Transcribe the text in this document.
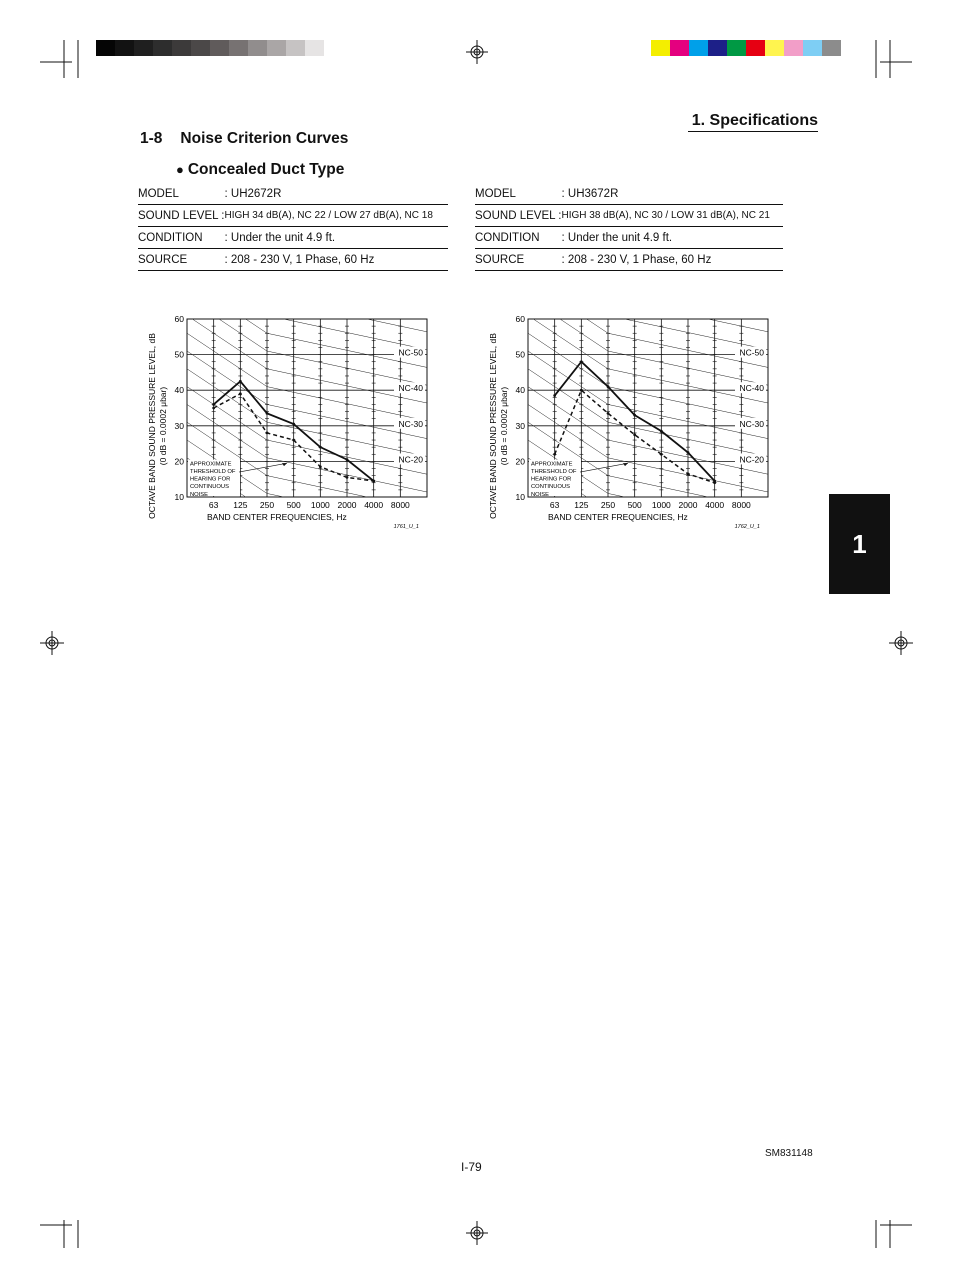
1. Specifications
1-8 Noise Criterion Curves
● Concealed Duct Type
MODEL	: UH2672R
SOUND LEVEL :	HIGH 34 dB(A), NC 22 / LOW 27 dB(A), NC 18
CONDITION	: Under the unit 4.9 ft.
SOURCE	: 208 - 230 V, 1 Phase, 60 Hz
MODEL	: UH3672R
SOUND LEVEL :	HIGH 38 dB(A), NC 30 / LOW 31 dB(A), NC 21
CONDITION	: Under the unit 4.9 ft.
SOURCE	: 208 - 230 V, 1 Phase, 60 Hz
10
20
30
40
50
60
63 125 250 500 1000 2000 4000 8000
NC-50
NC-40
NC-30
NC-20
APPROXIMATE
THRESHOLD OF
HEARING FOR
CONTINUOUS
NOISE
BAND CENTER FREQUENCIES, Hz
OCTAVE BAND SOUND PRESSURE LEVEL, dB (0 dB = 0.0002 μbar)
1761_U_1
10
20
30
40
50
60
63 125 250 500 1000 2000 4000 8000
NC-50
NC-40
NC-30
NC-20
APPROXIMATE
THRESHOLD OF
HEARING FOR
CONTINUOUS
NOISE
BAND CENTER FREQUENCIES, Hz
OCTAVE BAND SOUND PRESSURE LEVEL, dB (0 dB = 0.0002 μbar)
1762_U_1
1
SM831148
I-79
